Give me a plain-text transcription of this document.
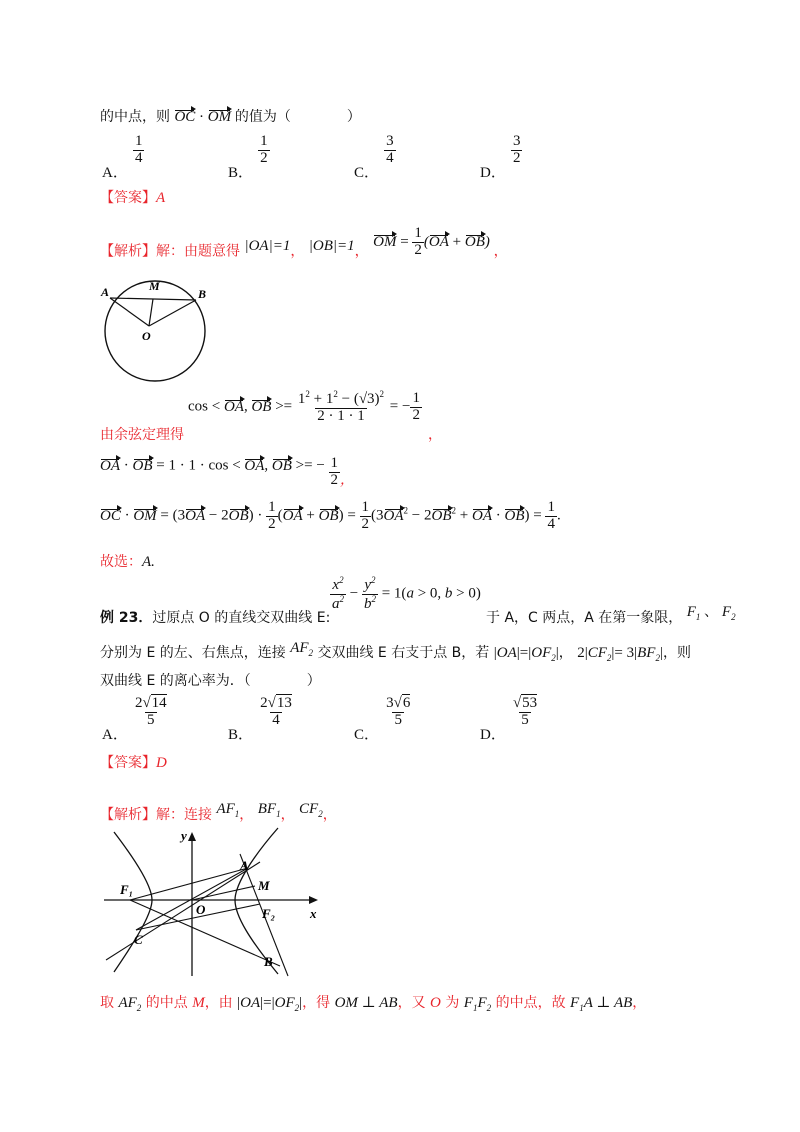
的中点，则 OC · OM 的值为（　　　　）
A．
$\frac{1}{4}$
B．
$\frac{1}{2}$
C．
$\frac{3}{4}$
D．
$\frac{3}{2}$
【答案】A
【解析】解：由题意得 |OA|=1， |OB|=1， OM = $\frac{1}{2} (OA + OB)$ ，
A	M
B
O
cos < OA, OB >= $\frac{1^2 + 1^2 - (√3)^2}{2 \cdot 1 \cdot 1}$ = − $\frac{1}{2}$
由余弦定理得	，
OA · OB = 1 · 1 · cos < OA, OB >= − $\frac{1}{2}$ ，
OC · OM = $(3OA - 2OB) \cdot \frac{1}{2} (OA + OB) = \frac{1}{2} (3OA^2 - 2OB^2$ + OA · $OB) = \frac{1}{4}$ .
故选：A.
$\frac{x^2}{a^2} - \frac{y^2}{b^2} = 1(a > 0$, b > 0)
例 23．过原点 O 的直线交双曲线 E:	于 A，C 两点，A 在第一象限， $F_1$ 、 $F_2$
分别为 E 的左、右焦点，连接 $AF_2$ 交双曲线 E 右支于点 B，若 $|OA|=|OF_2|$， $2|CF_2|= 3|BF_2|$，则
双曲线 E 的离心率为．（　　　　）
A．
$\frac{2√14}{5}$
B．
$\frac{2√13}{4}$
C．
$\frac{3√6}{5}$
D．
$\frac{√53}{5}$
【答案】D
【解析】解：连接 $AF_1$， $BF_1$， $CF_2$，
y
x
F₁
O
A
M
F₂
C
B
取 $AF_2$ 的中点 M，由 $|OA|=|OF_2|$，得 OM ⊥ AB，又 O 为 $F_1F_2$ 的中点，故 $F_1A$ ⊥ AB，
